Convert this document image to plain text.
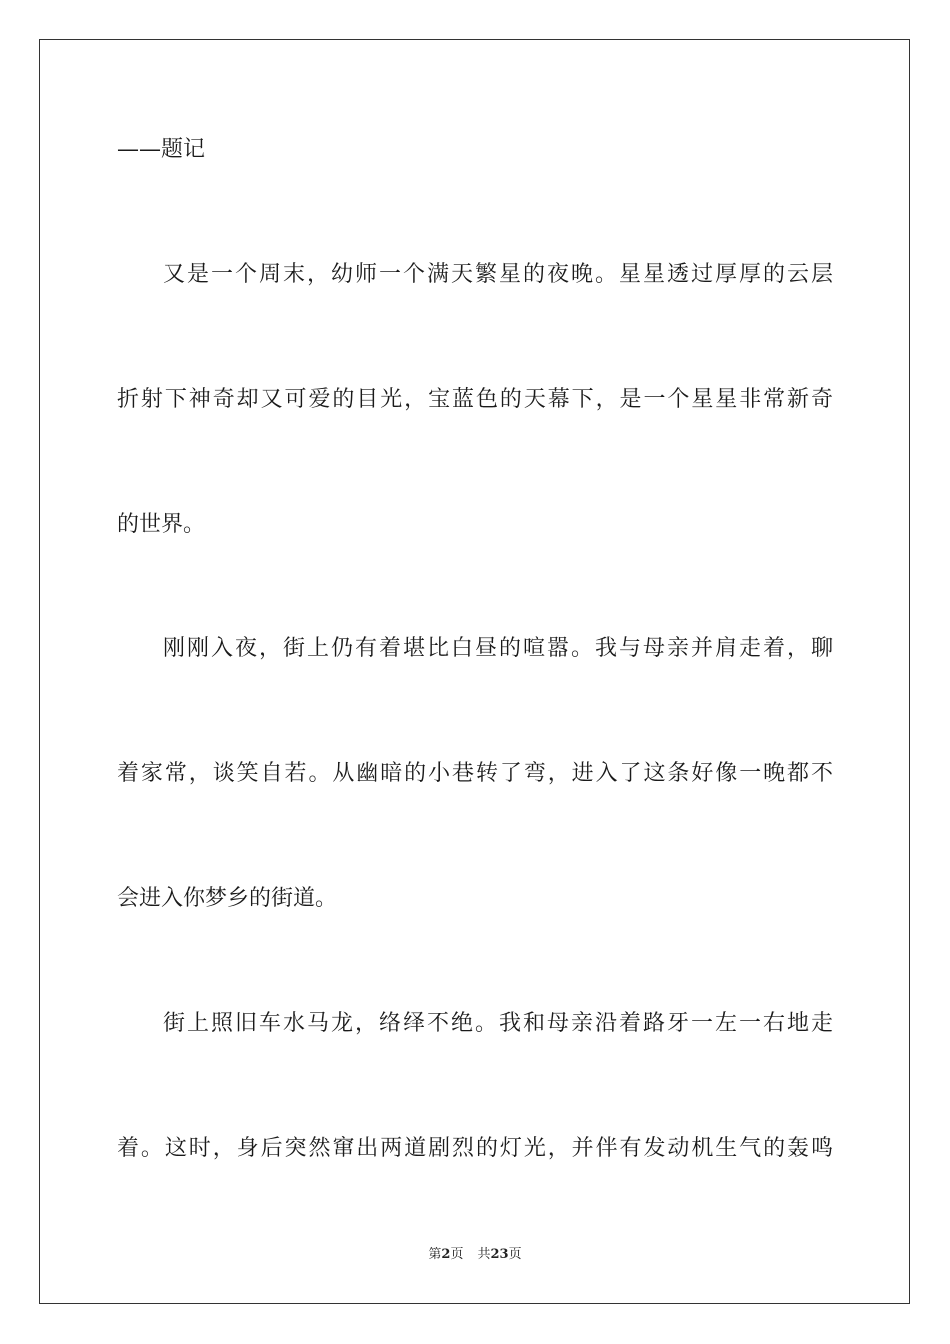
——题记
又是一个周末，幼师一个满天繁星的夜晚。星星透过厚厚的云层
折射下神奇却又可爱的目光，宝蓝色的天幕下，是一个星星非常新奇
的世界。
刚刚入夜，街上仍有着堪比白昼的喧嚣。我与母亲并肩走着，聊
着家常，谈笑自若。从幽暗的小巷转了弯，进入了这条好像一晚都不
会进入你梦乡的街道。
街上照旧车水马龙，络绎不绝。我和母亲沿着路牙一左一右地走
着。这时，身后突然窜出两道剧烈的灯光，并伴有发动机生气的轰鸣
第2页 共23页
